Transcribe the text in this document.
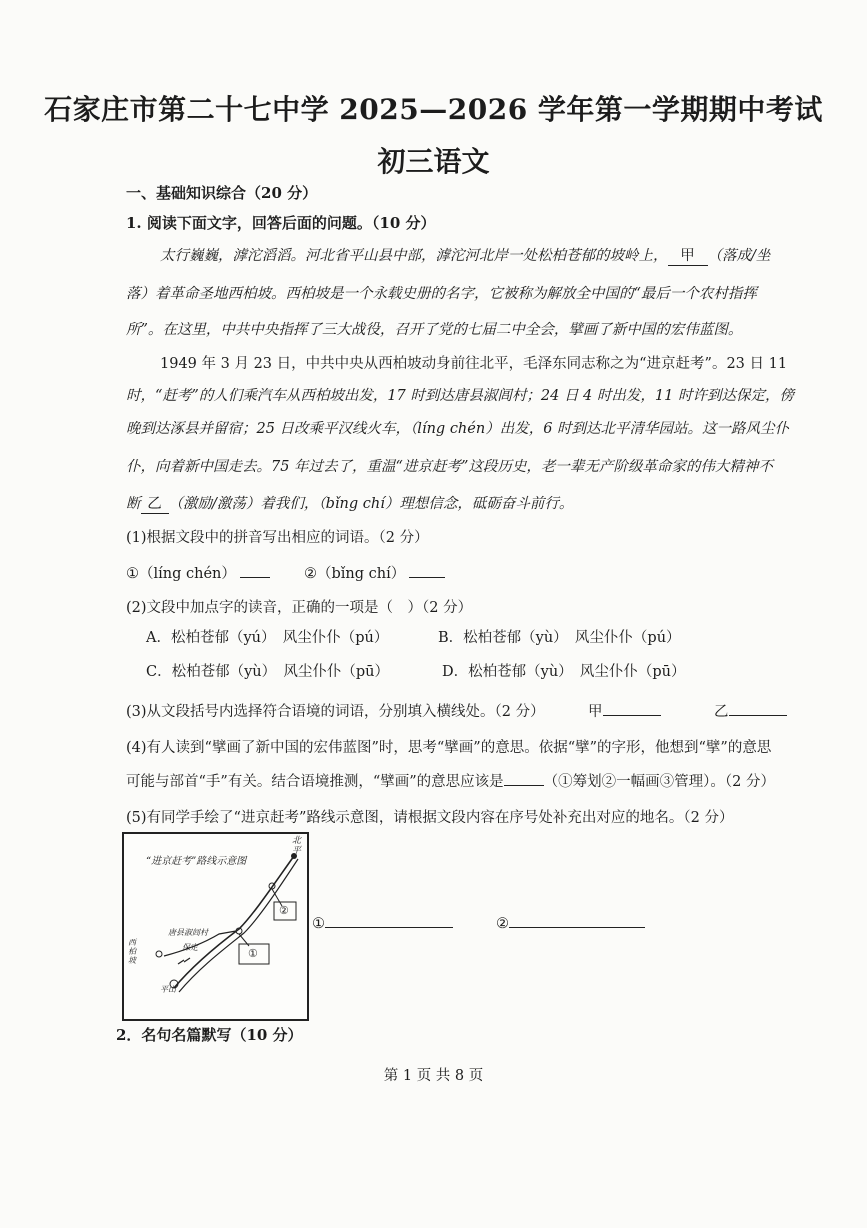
石家庄市第二十七中学 2025—2026 学年第一学期期中考试
初三语文
一、基础知识综合（20 分）
1. 阅读下面文字，回答后面的问题。（10 分）
太行巍巍，滹沱滔滔。河北省平山县中部，滹沱河北岸一处松柏苍郁的坡岭上， 甲 （落成/坐
落）着革命圣地西柏坡。西柏坡是一个永载史册的名字，它被称为解放全中国的“最后一个农村指挥
所”。在这里，中共中央指挥了三大战役，召开了党的七届二中全会，擘画了新中国的宏伟蓝图。
1949 年 3 月 23 日，中共中央从西柏坡动身前往北平，毛泽东同志称之为“进京赶考”。23 日 11
时，“赶考”的人们乘汽车从西柏坡出发，17 时到达唐县淑闾村；24 日 4 时出发，11 时许到达保定，傍
晚到达涿县并留宿；25 日改乘平汉线火车，（líng chén）出发，6 时到达北平清华园站。这一路风尘仆
仆，向着新中国走去。75 年过去了，重温“进京赶考”这段历史，老一辈无产阶级革命家的伟大精神不
断 乙 （激励/激荡）着我们，（bǐng chí）理想信念，砥砺奋斗前行。
(1)根据文段中的拼音写出相应的词语。（2 分）
①（líng chén）	②（bǐng chí）
(2)文段中加点字的读音，正确的一项是（　）（2 分）
A．松柏苍郁（yú）　风尘仆仆（pú）	B．松柏苍郁（yù）　风尘仆仆（pú）
C．松柏苍郁（yù）　风尘仆仆（pū）	D．松柏苍郁（yù）　风尘仆仆（pū）
(3)从文段括号内选择符合语境的词语，分别填入横线处。（2 分）	甲	乙
(4)有人读到“擘画了新中国的宏伟蓝图”时，思考“擘画”的意思。依据“擘”的字形，他想到“擘”的意思
可能与部首“手”有关。结合语境推测，“擘画”的意思应该是	（①筹划②一幅画③管理）。（2 分）
(5)有同学手绘了“进京赶考”路线示意图，请根据文段内容在序号处补充出对应的地名。（2 分）
“进京赶考”路线示意图
北平
唐县淑闾村
保定
西柏坡
平山
②
①
①	②
2．名句名篇默写（10 分）
第 1 页 共 8 页
